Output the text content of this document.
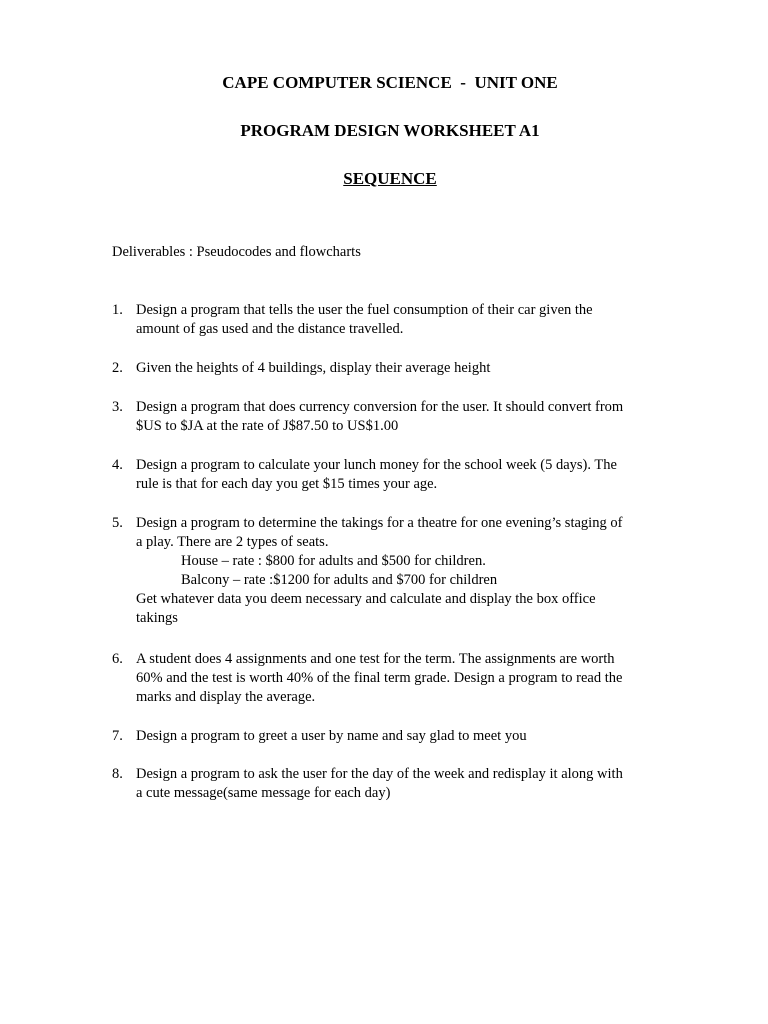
CAPE COMPUTER SCIENCE  -  UNIT ONE
PROGRAM DESIGN WORKSHEET A1
SEQUENCE
Deliverables : Pseudocodes and flowcharts
1. Design a program that tells the user the fuel consumption of their car given the
amount of gas used and the distance travelled.
2. Given the heights of 4 buildings, display their average height
3. Design a program that does currency conversion for the user. It should convert from
$US to $JA at the rate of J$87.50 to US$1.00
4. Design a program to calculate your lunch money for the school week (5 days). The
rule is that for each day you get $15 times your age.
5. Design a program to determine the takings for a theatre for one evening’s staging of
a play. There are 2 types of seats.
House – rate : $800 for adults and $500 for children.
Balcony – rate :$1200 for adults and $700 for children
Get whatever data you deem necessary and calculate and display the box office
takings
6. A student does 4 assignments and one test for the term. The assignments are worth
60% and the test is worth 40% of the final term grade. Design a program to read the
marks and display the average.
7. Design a program to greet a user by name and say glad to meet you
8. Design a program to ask the user for the day of the week and redisplay it along with
a cute message(same message for each day)
